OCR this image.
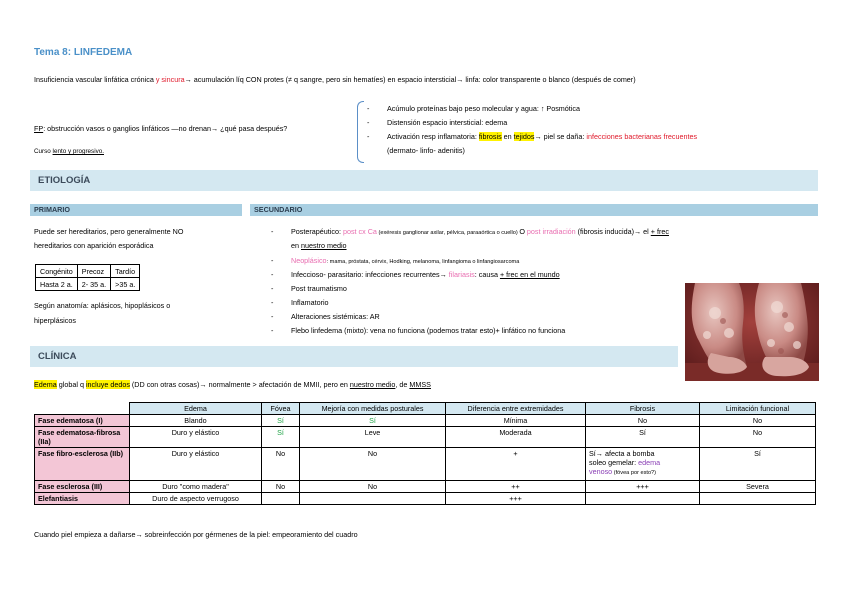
Tema 8: LINFEDEMA
Insuficiencia vascular linfática crónica y sincura→ acumulación líq CON protes (≠ q sangre, pero sin hematíes) en espacio intersticial→ linfa: color transparente o blanco (después de comer)
FP: obstrucción vasos o ganglios linfáticos —no drenan→ ¿qué pasa después?
Curso lento y progresivo.
- Acúmulo proteínas bajo peso molecular y agua: ↑ Posmótica
- Distensión espacio intersticial: edema
- Activación resp inflamatoria: fibrosis en tejidos→ piel se daña: infecciones bacterianas frecuentes
(dermato- linfo- adenitis)
ETIOLOGÍA
PRIMARIO	SECUNDARIO
Puede ser hereditarios, pero generalmente NO
hereditarios con aparición esporádica
Congénito	Precoz	Tardío
Hasta 2 a.	2- 35 a.	>35 a.
Según anatomía: aplásicos, hipoplásicos o
hiperplásicos
- Posterapéutico: post cx Ca (exéresis ganglionar axilar, pélvica, paraaórtica o cuello) O post irradiación (fibrosis inducida)→ el + frec
en nuestro medio
- Neoplásico: mama, próstata, cérvix, Hodking, melanoma, linfangioma o linfangiosarcoma
- Infeccioso- parasitario: infecciones recurrentes→ filariasis: causa + frec en el mundo
- Post traumatismo
- Inflamatorio
- Alteraciones sistémicas: AR
- Flebo linfedema (mixto): vena no funciona (podemos tratar esto)+ linfático no funciona
CLÍNICA
Edema global q incluye dedos (DD con otras cosas)→ normalmente > afectación de MMII, pero en nuestro medio, de MMSS
	Edema	Fóvea	Mejoría con medidas posturales	Diferencia entre extremidades	Fibrosis	Limitación funcional
Fase edematosa (I)	Blando	Sí	Sí	Mínima	No	No
Fase edematosa-fibrosa (IIa)	Duro y elástico	Sí	Leve	Moderada	Sí	No
Fase fibro-esclerosa (IIb)	Duro y elástico	No	No	+	Sí→ afecta a bomba
soleo gemelar: edema
venoso (fóvea por esto?)	Sí
Fase esclerosa (III)	Duro "como madera"	No	No	++	+++	Severa
Elefantiasis	Duro de aspecto verrugoso			+++		
Cuando piel empieza a dañarse→ sobreinfección por gérmenes de la piel: empeoramiento del cuadro
